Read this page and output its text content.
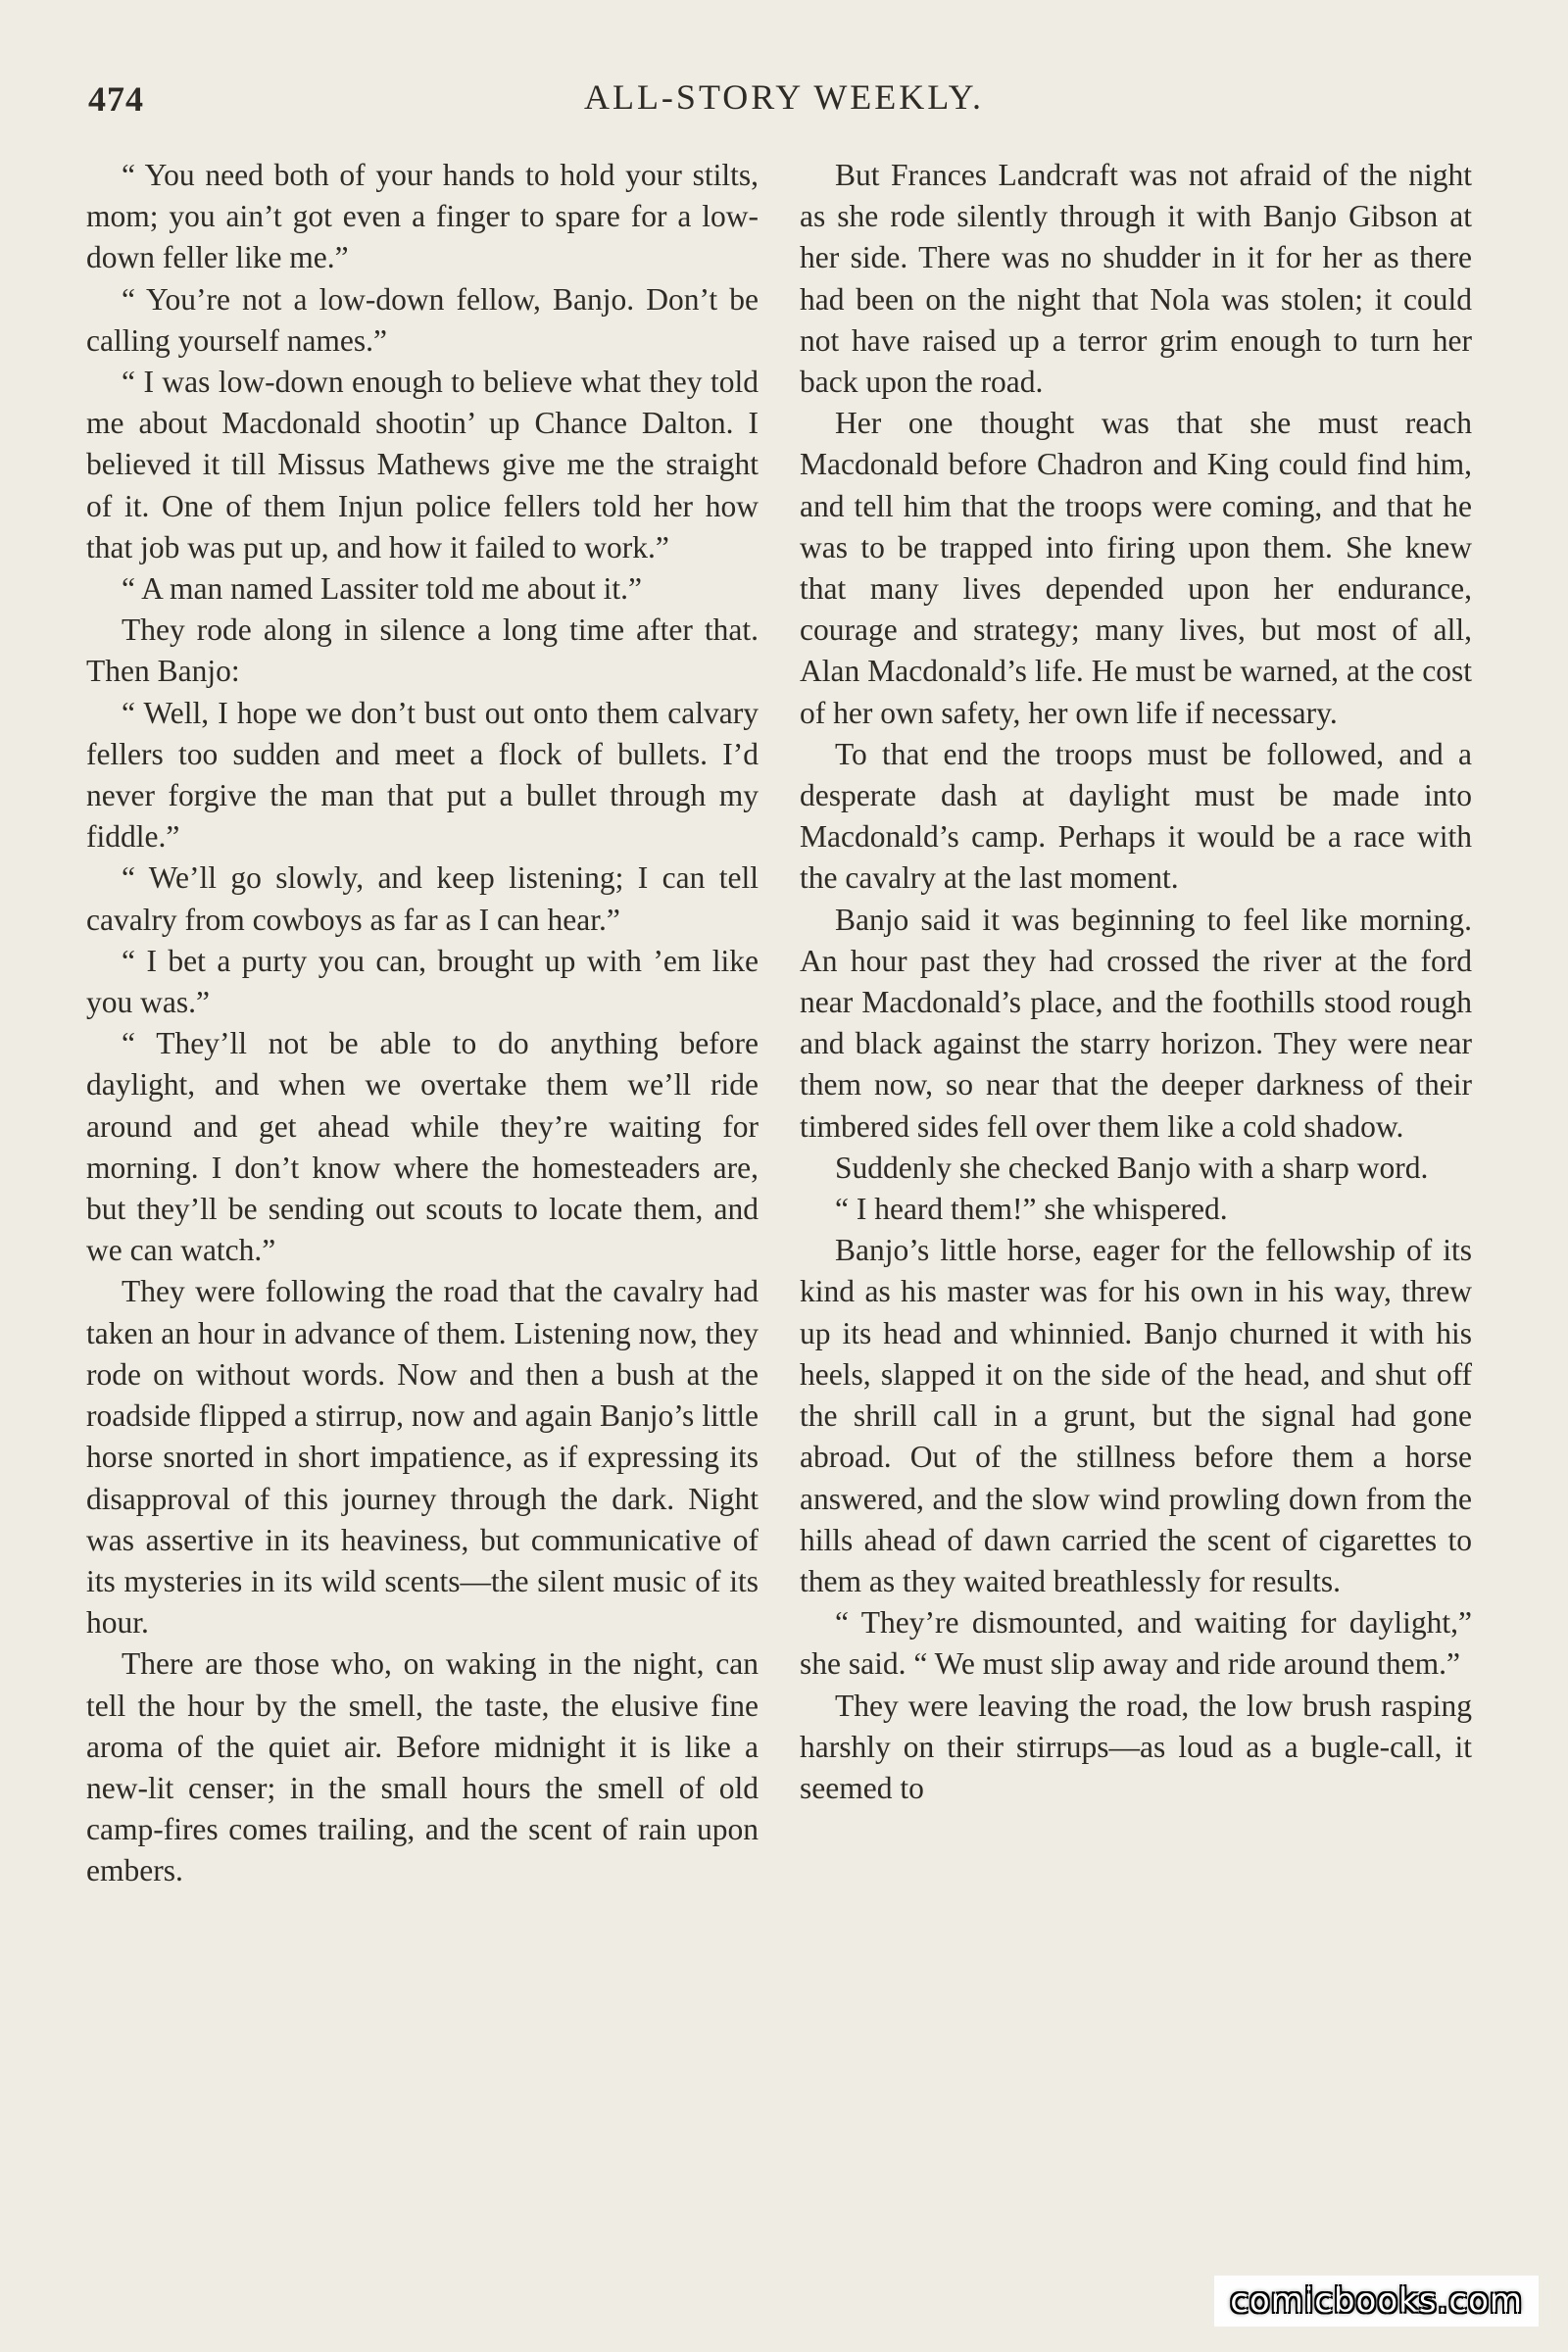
474	ALL-STORY WEEKLY.

“ You need both of your hands to hold your stilts, mom; you ain’t got even a finger to spare for a low-down feller like me.”

“ You’re not a low-down fellow, Banjo. Don’t be calling yourself names.”

“ I was low-down enough to believe what they told me about Macdonald shootin’ up Chance Dalton. I believed it till Missus Mathews give me the straight of it. One of them Injun police fellers told her how that job was put up, and how it failed to work.”

“ A man named Lassiter told me about it.”

They rode along in silence a long time after that. Then Banjo:

“ Well, I hope we don’t bust out onto them calvary fellers too sudden and meet a flock of bullets. I’d never forgive the man that put a bullet through my fiddle.”

“ We’ll go slowly, and keep listening; I can tell cavalry from cowboys as far as I can hear.”

“ I bet a purty you can, brought up with ’em like you was.”

“ They’ll not be able to do anything before daylight, and when we overtake them we’ll ride around and get ahead while they’re waiting for morning. I don’t know where the homesteaders are, but they’ll be sending out scouts to locate them, and we can watch.”

They were following the road that the cavalry had taken an hour in advance of them. Listening now, they rode on without words. Now and then a bush at the roadside flipped a stirrup, now and again Banjo’s little horse snorted in short impatience, as if expressing its disapproval of this journey through the dark. Night was assertive in its heaviness, but communicative of its mysteries in its wild scents—the silent music of its hour.

There are those who, on waking in the night, can tell the hour by the smell, the taste, the elusive fine aroma of the quiet air. Before midnight it is like a new-lit censer; in the small hours the smell of old camp-fires comes trailing, and the scent of rain upon embers.

But Frances Landcraft was not afraid of the night as she rode silently through it with Banjo Gibson at her side. There was no shudder in it for her as there had been on the night that Nola was stolen; it could not have raised up a terror grim enough to turn her back upon the road.

Her one thought was that she must reach Macdonald before Chadron and King could find him, and tell him that the troops were coming, and that he was to be trapped into firing upon them. She knew that many lives depended upon her endurance, courage and strategy; many lives, but most of all, Alan Macdonald’s life. He must be warned, at the cost of her own safety, her own life if necessary.

To that end the troops must be followed, and a desperate dash at daylight must be made into Macdonald’s camp. Perhaps it would be a race with the cavalry at the last moment.

Banjo said it was beginning to feel like morning. An hour past they had crossed the river at the ford near Macdonald’s place, and the foothills stood rough and black against the starry horizon. They were near them now, so near that the deeper darkness of their timbered sides fell over them like a cold shadow.

Suddenly she checked Banjo with a sharp word.

“ I heard them!” she whispered.

Banjo’s little horse, eager for the fellowship of its kind as his master was for his own in his way, threw up its head and whinnied. Banjo churned it with his heels, slapped it on the side of the head, and shut off the shrill call in a grunt, but the signal had gone abroad. Out of the stillness before them a horse answered, and the slow wind prowling down from the hills ahead of dawn carried the scent of cigarettes to them as they waited breathlessly for results.

“ They’re dismounted, and waiting for daylight,” she said. “ We must slip away and ride around them.”

They were leaving the road, the low brush rasping harshly on their stirrups—as loud as a bugle-call, it seemed to

comicbooks.com
